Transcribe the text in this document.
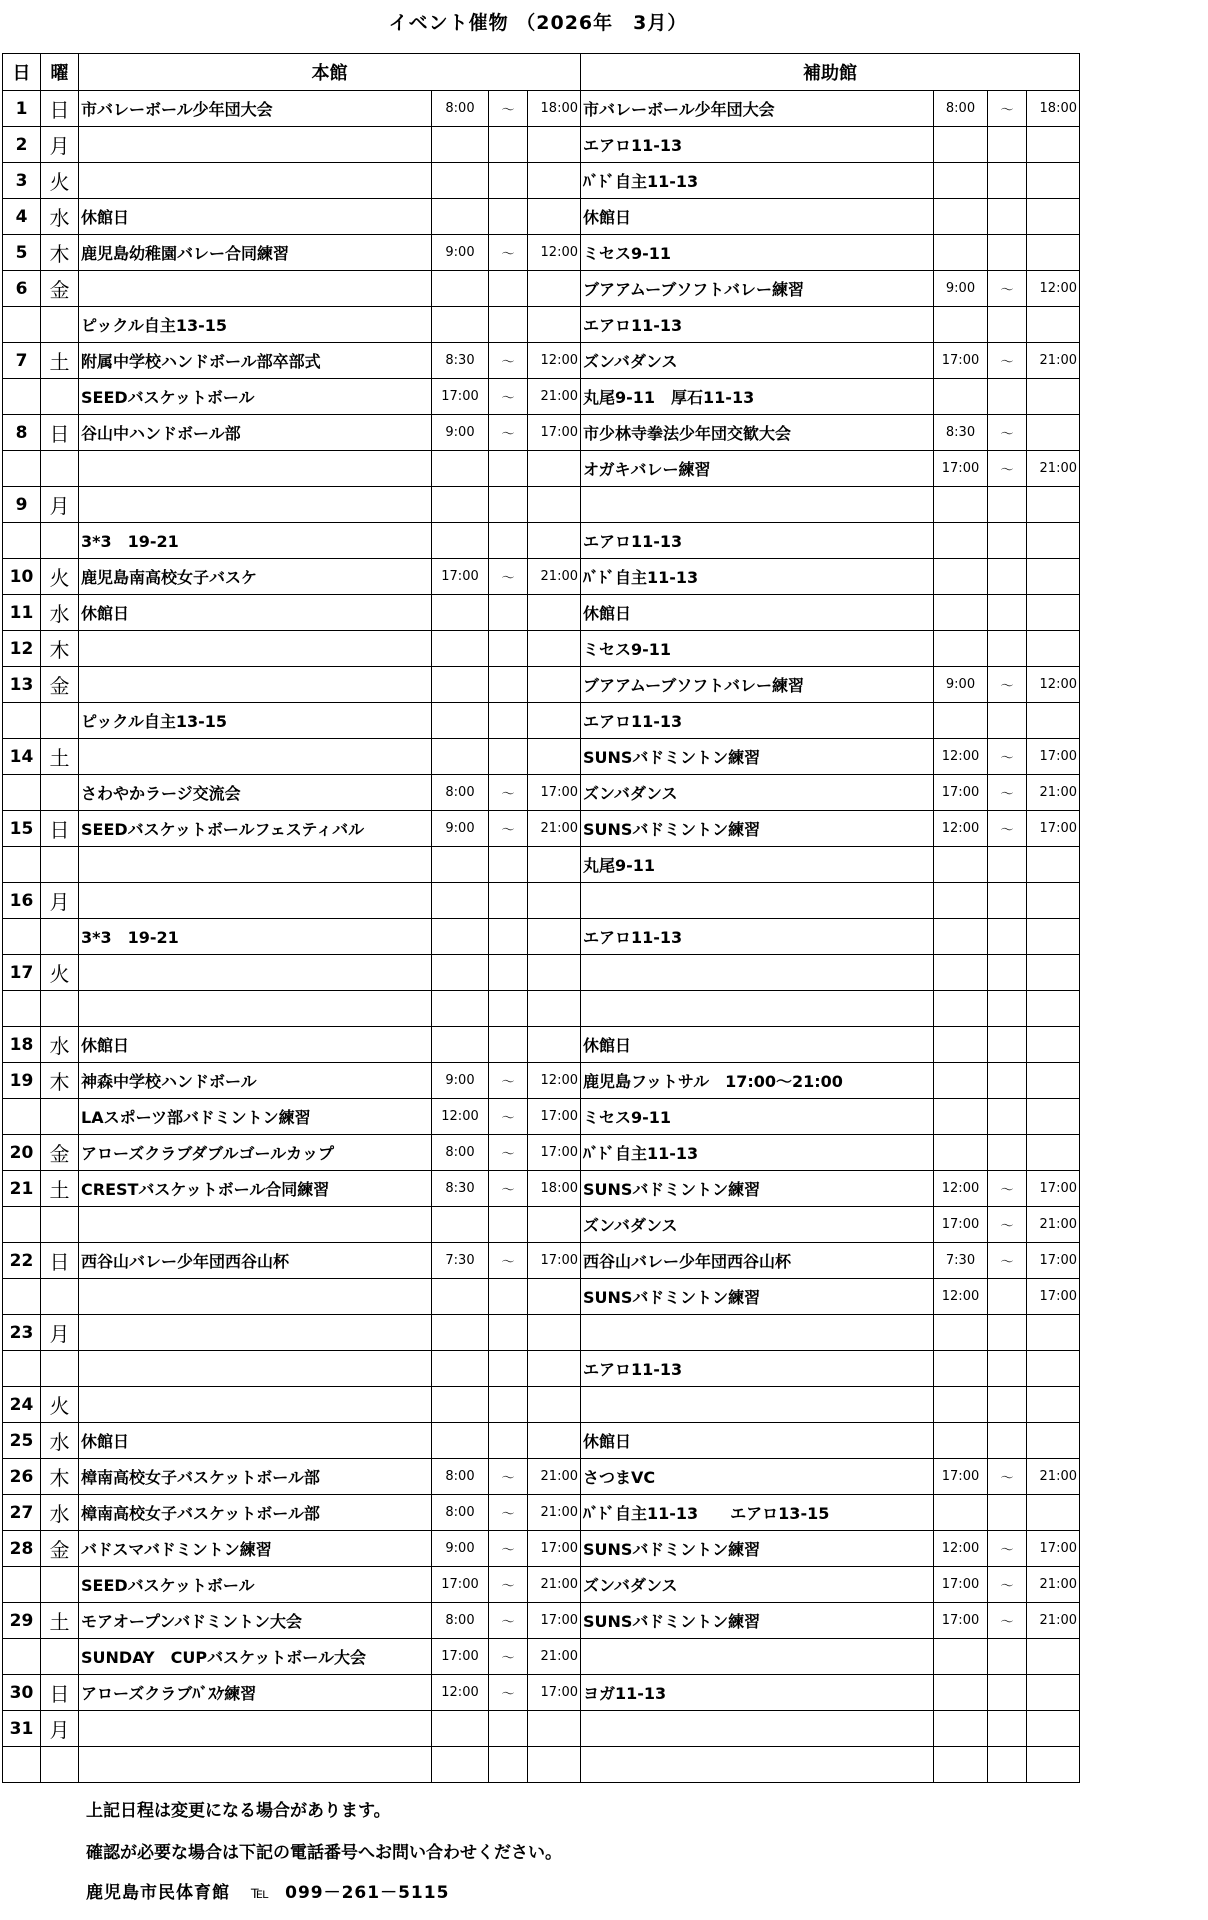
イベント催物 （2026年　3月）
日	曜	本館				補助館			
1	日	市バレーボール少年団大会	8:00	～	18:00	市バレーボール少年団大会	8:00	～	18:00
2	月					エアロ11-13			
3	火					ﾊﾞﾄﾞ自主11-13			
4	水	休館日				休館日			
5	木	鹿児島幼稚園バレー合同練習	9:00	～	12:00	ミセス9-11			
6	金					ブアアムーブソフトバレー練習	9:00	～	12:00
		ピックル自主13-15				エアロ11-13			
7	土	附属中学校ハンドボール部卒部式	8:30	～	12:00	ズンバダンス	17:00	～	21:00
		SEEDバスケットボール	17:00	～	21:00	丸尾9-11　厚石11-13			
8	日	谷山中ハンドボール部	9:00	～	17:00	市少林寺拳法少年団交歓大会	8:30	～	
						オガキバレー練習	17:00	～	21:00
9	月								
		3*3　19-21				エアロ11-13			
10	火	鹿児島南高校女子バスケ	17:00	～	21:00	ﾊﾞﾄﾞ自主11-13			
11	水	休館日				休館日			
12	木					ミセス9-11			
13	金					ブアアムーブソフトバレー練習	9:00	～	12:00
		ピックル自主13-15				エアロ11-13			
14	土					SUNSバドミントン練習	12:00	～	17:00
		さわやかラージ交流会	8:00	～	17:00	ズンバダンス	17:00	～	21:00
15	日	SEEDバスケットボールフェスティバル	9:00	～	21:00	SUNSバドミントン練習	12:00	～	17:00
						丸尾9-11			
16	月								
		3*3　19-21				エアロ11-13			
17	火								

18	水	休館日				休館日			
19	木	神森中学校ハンドボール	9:00	～	12:00	鹿児島フットサル　17:00～21:00			
		LAスポーツ部バドミントン練習	12:00	～	17:00	ミセス9-11			
20	金	アローズクラブダブルゴールカップ	8:00	～	17:00	ﾊﾞﾄﾞ自主11-13			
21	土	CRESTバスケットボール合同練習	8:30	～	18:00	SUNSバドミントン練習	12:00	～	17:00
						ズンバダンス	17:00	～	21:00
22	日	西谷山バレー少年団西谷山杯	7:30	～	17:00	西谷山バレー少年団西谷山杯	7:30	～	17:00
						SUNSバドミントン練習	12:00		17:00
23	月								
						エアロ11-13			
24	火								
25	水	休館日				休館日			
26	木	樟南高校女子バスケットボール部	8:00	～	21:00	さつまVC	17:00	～	21:00
27	水	樟南高校女子バスケットボール部	8:00	～	21:00	ﾊﾞﾄﾞ自主11-13　　エアロ13-15			
28	金	バドスマバドミントン練習	9:00	～	17:00	SUNSバドミントン練習	12:00	～	17:00
		SEEDバスケットボール	17:00	～	21:00	ズンバダンス	17:00	～	21:00
29	土	モアオープンバドミントン大会	8:00	～	17:00	SUNSバドミントン練習	17:00	～	21:00
		SUNDAY　CUPバスケットボール大会	17:00	～	21:00				
30	日	アローズクラブﾊﾞｽｹ練習	12:00	～	17:00	ヨガ11-13			
31	月								

上記日程は変更になる場合があります。
確認が必要な場合は下記の電話番号へお問い合わせください。
鹿児島市民体育館 ℡ 099－261－5115
